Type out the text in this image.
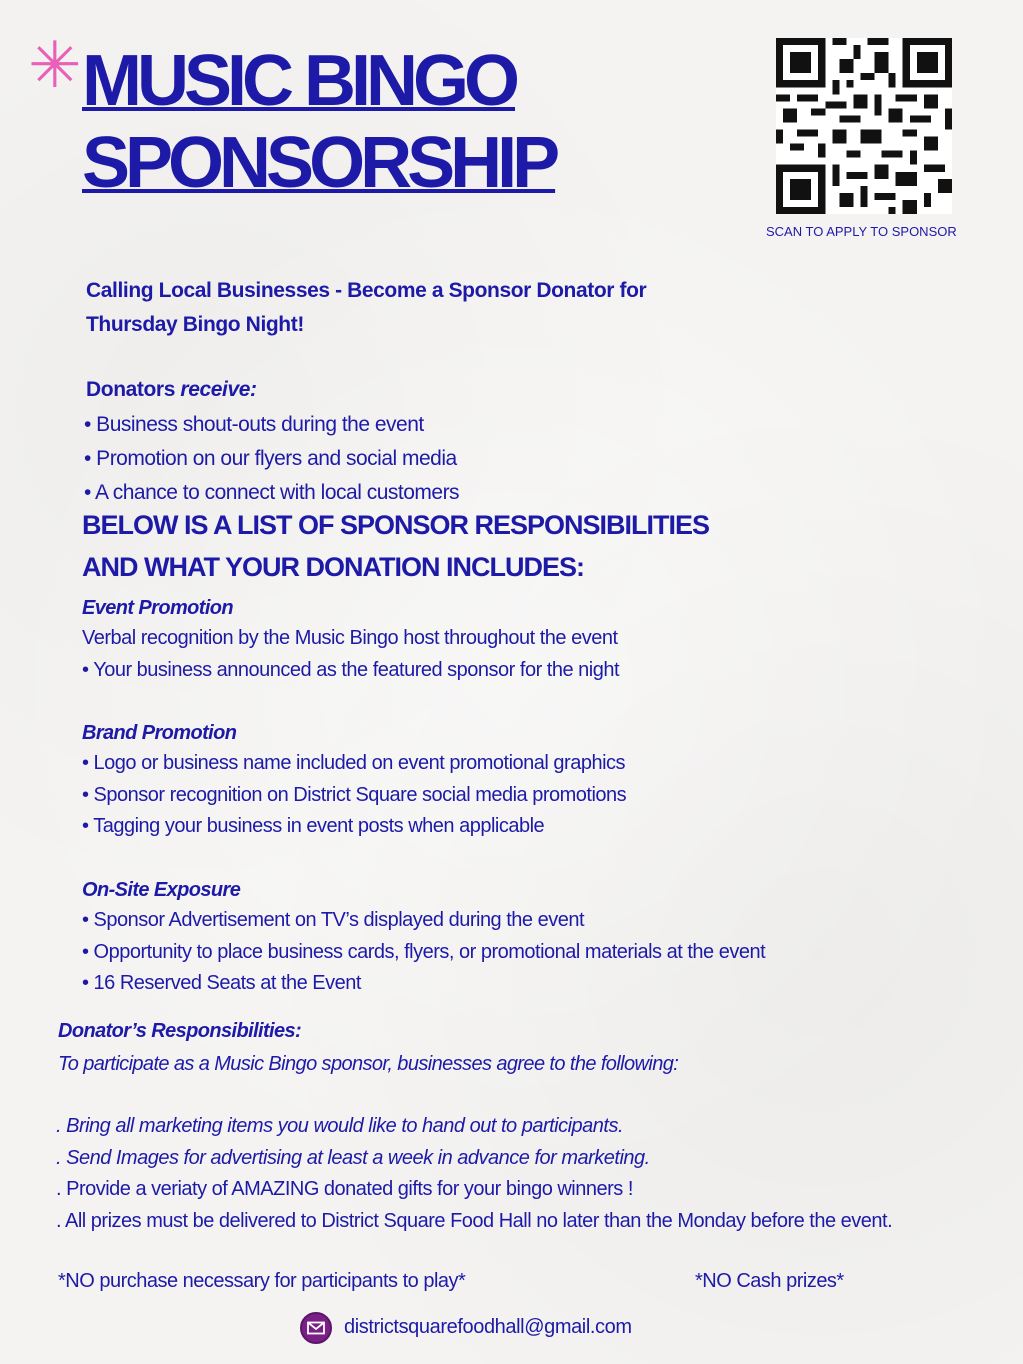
✳ MUSIC BINGO
SPONSORSHIP
SCAN TO APPLY TO SPONSOR
Calling Local Businesses - Become a Sponsor Donator for
Thursday Bingo Night!
Donators receive:
• Business shout-outs during the event
• Promotion on our flyers and social media
• A chance to connect with local customers
BELOW IS A LIST OF SPONSOR RESPONSIBILITIES
AND WHAT YOUR DONATION INCLUDES:
Event Promotion
Verbal recognition by the Music Bingo host throughout the event
• Your business announced as the featured sponsor for the night
Brand Promotion
• Logo or business name included on event promotional graphics
• Sponsor recognition on District Square social media promotions
• Tagging your business in event posts when applicable
On-Site Exposure
• Sponsor Advertisement on TV’s displayed during the event
• Opportunity to place business cards, flyers, or promotional materials at the event
• 16 Reserved Seats at the Event
Donator’s Responsibilities:
To participate as a Music Bingo sponsor, businesses agree to the following:
. Bring all marketing items you would like to hand out to participants.
. Send Images for advertising at least a week in advance for marketing.
. Provide a veriaty of AMAZING donated gifts for your bingo winners !
. All prizes must be delivered to District Square Food Hall no later than the Monday before the event.
*NO purchase necessary for participants to play*	*NO Cash prizes*
districtsquarefoodhall@gmail.com
